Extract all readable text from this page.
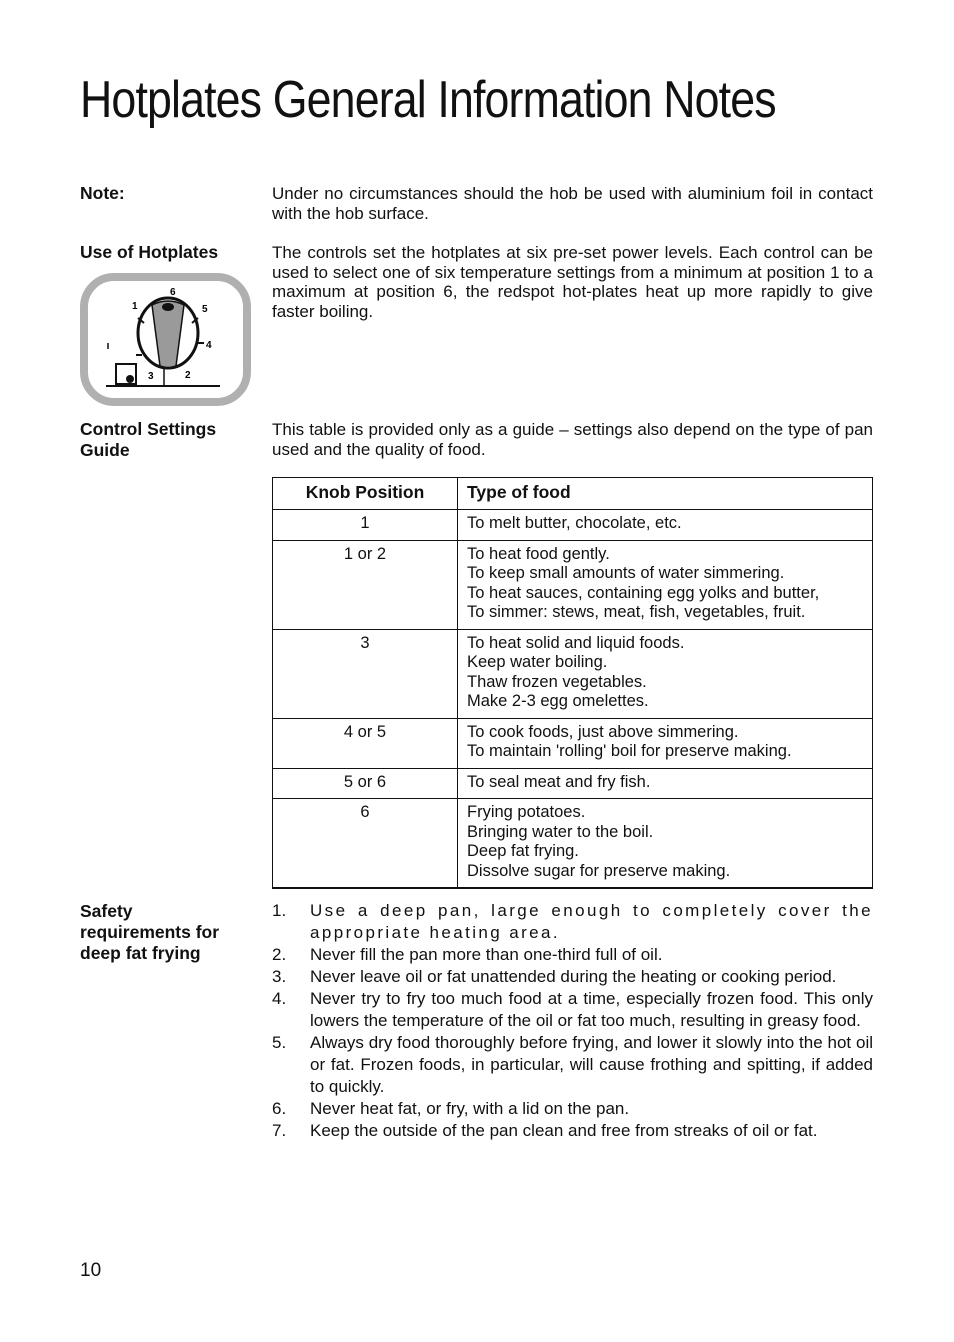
Hotplates General Information Notes
Note:	Under no circumstances should the hob be used with aluminium foil in contact with the hob surface.
Use of Hotplates	The controls set the hotplates at six pre-set power levels. Each control can be used to select one of six temperature settings from a minimum at position 1 to a maximum at position 6, the redspot hot-plates heat up more rapidly to give faster boiling.
6
5
4
3	2
1
Control Settings Guide
This table is provided only as a guide – settings also depend on the type of pan used and the quality of food.
Knob Position	Type of food
1	To melt butter, chocolate, etc.

1 or 2	To heat food gently.
To keep small amounts of water simmering.
To heat sauces, containing egg yolks and butter,
To simmer: stews, meat, fish, vegetables, fruit.

3	To heat solid and liquid foods.
Keep water boiling.
Thaw frozen vegetables.
Make 2-3 egg omelettes.

4 or 5	To cook foods, just above simmering.
To maintain 'rolling' boil for preserve making.

5 or 6	To seal meat and fry fish.

6	Frying potatoes.
Bringing water to the boil.
Deep fat frying.
Dissolve sugar for preserve making.
Safety requirements for deep fat frying
1. Use a deep pan, large enough to completely cover the appropriate heating area.
2. Never fill the pan more than one-third full of oil.
3. Never leave oil or fat unattended during the heating or cooking period.
4. Never try to fry too much food at a time, especially frozen food. This only lowers the temperature of the oil or fat too much, resulting in greasy food.
5. Always dry food thoroughly before frying, and lower it slowly into the hot oil or fat. Frozen foods, in particular, will cause frothing and spitting, if added to quickly.
6. Never heat fat, or fry, with a lid on the pan.
7. Keep the outside of the pan clean and free from streaks of oil or fat.
10
